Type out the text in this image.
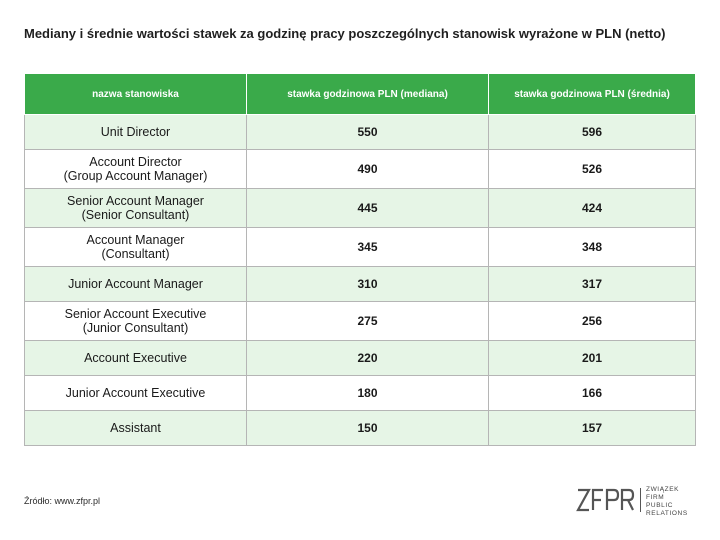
Mediany i średnie wartości stawek za godzinę pracy poszczególnych stanowisk wyrażone w PLN (netto)
nazwa stanowiska	stawka godzinowa PLN (mediana)	stawka godzinowa PLN (średnia)
Unit Director	550	596
Account Director
(Group Account Manager)	490	526
Senior Account Manager
(Senior Consultant)	445	424
Account Manager
(Consultant)	345	348
Junior Account Manager	310	317
Senior Account Executive
(Junior Consultant)	275	256
Account Executive	220	201
Junior Account Executive	180	166
Assistant	150	157
Źródło: www.zfpr.pl
ZWIĄZEK FIRM
PUBLIC
RELATIONS
